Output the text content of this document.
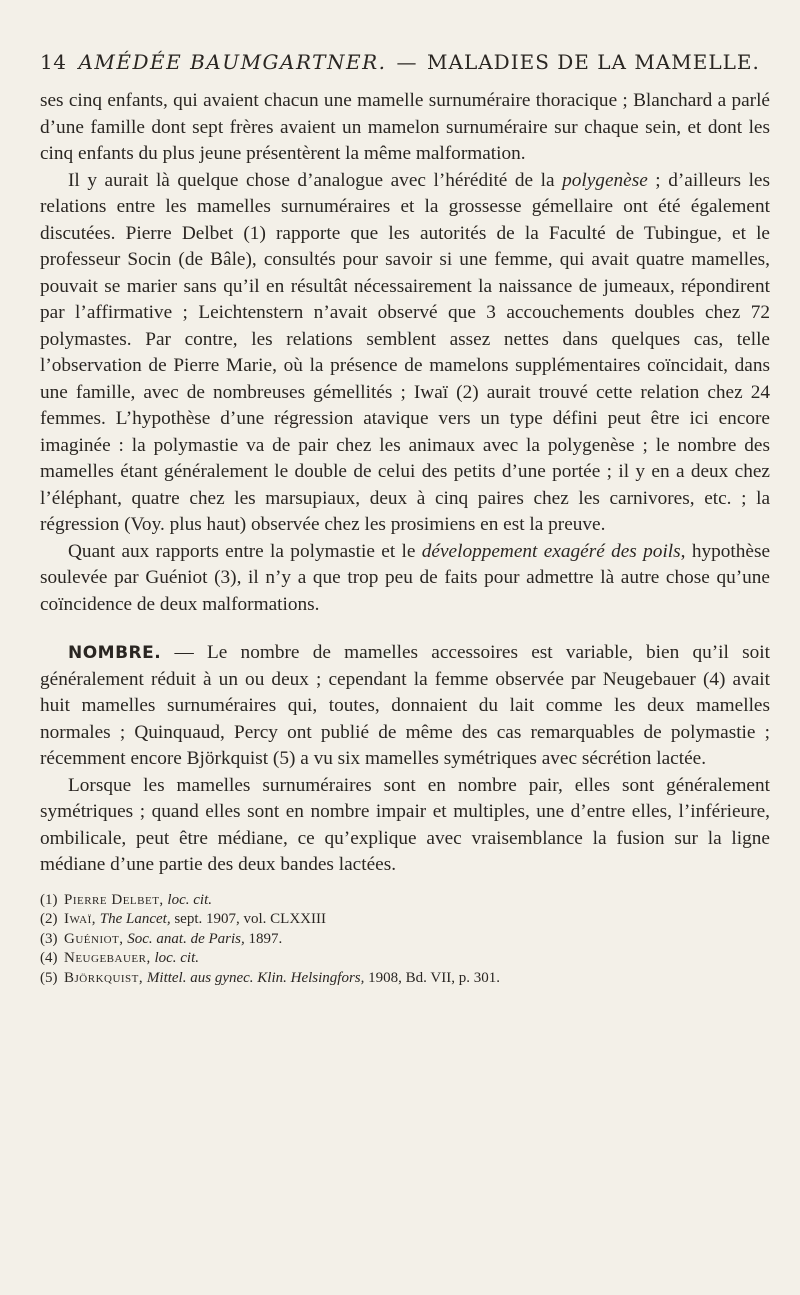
14 AMÉDÉE BAUMGARTNER. — MALADIES DE LA MAMELLE.

ses cinq enfants, qui avaient chacun une mamelle surnuméraire thoracique ; Blanchard a parlé d’une famille dont sept frères avaient un mamelon surnuméraire sur chaque sein, et dont les cinq enfants du plus jeune présentèrent la même malformation.

Il y aurait là quelque chose d’analogue avec l’hérédité de la polygenèse ; d’ailleurs les relations entre les mamelles surnuméraires et la grossesse gémellaire ont été également discutées. Pierre Delbet (1) rapporte que les autorités de la Faculté de Tubingue, et le professeur Socin (de Bâle), consultés pour savoir si une femme, qui avait quatre mamelles, pouvait se marier sans qu’il en résultât nécessairement la naissance de jumeaux, répondirent par l’affirmative ; Leichtenstern n’avait observé que 3 accouchements doubles chez 72 polymastes. Par contre, les relations semblent assez nettes dans quelques cas, telle l’observation de Pierre Marie, où la présence de mamelons supplémentaires coïncidait, dans une famille, avec de nombreuses gémellités ; Iwaï (2) aurait trouvé cette relation chez 24 femmes. L’hypothèse d’une régression atavique vers un type défini peut être ici encore imaginée : la polymastie va de pair chez les animaux avec la polygenèse ; le nombre des mamelles étant généralement le double de celui des petits d’une portée ; il y en a deux chez l’éléphant, quatre chez les marsupiaux, deux à cinq paires chez les carnivores, etc. ; la régression (Voy. plus haut) observée chez les prosimiens en est la preuve.

Quant aux rapports entre la polymastie et le développement exagéré des poils, hypothèse soulevée par Guéniot (3), il n’y a que trop peu de faits pour admettre là autre chose qu’une coïncidence de deux malformations.

NOMBRE. — Le nombre de mamelles accessoires est variable, bien qu’il soit généralement réduit à un ou deux ; cependant la femme observée par Neugebauer (4) avait huit mamelles surnuméraires qui, toutes, donnaient du lait comme les deux mamelles normales ; Quinquaud, Percy ont publié de même des cas remarquables de polymastie ; récemment encore Björkquist (5) a vu six mamelles symétriques avec sécrétion lactée.

Lorsque les mamelles surnuméraires sont en nombre pair, elles sont généralement symétriques ; quand elles sont en nombre impair et multiples, une d’entre elles, l’inférieure, ombilicale, peut être médiane, ce qu’explique avec vraisemblance la fusion sur la ligne médiane d’une partie des deux bandes lactées.

(1) Pierre Delbet, loc. cit.
(2) Iwaï, The Lancet, sept. 1907, vol. CLXXIII
(3) Guéniot, Soc. anat. de Paris, 1897.
(4) Neugebauer, loc. cit.
(5) Björkquist, Mittel. aus gynec. Klin. Helsingfors, 1908, Bd. VII, p. 301.
